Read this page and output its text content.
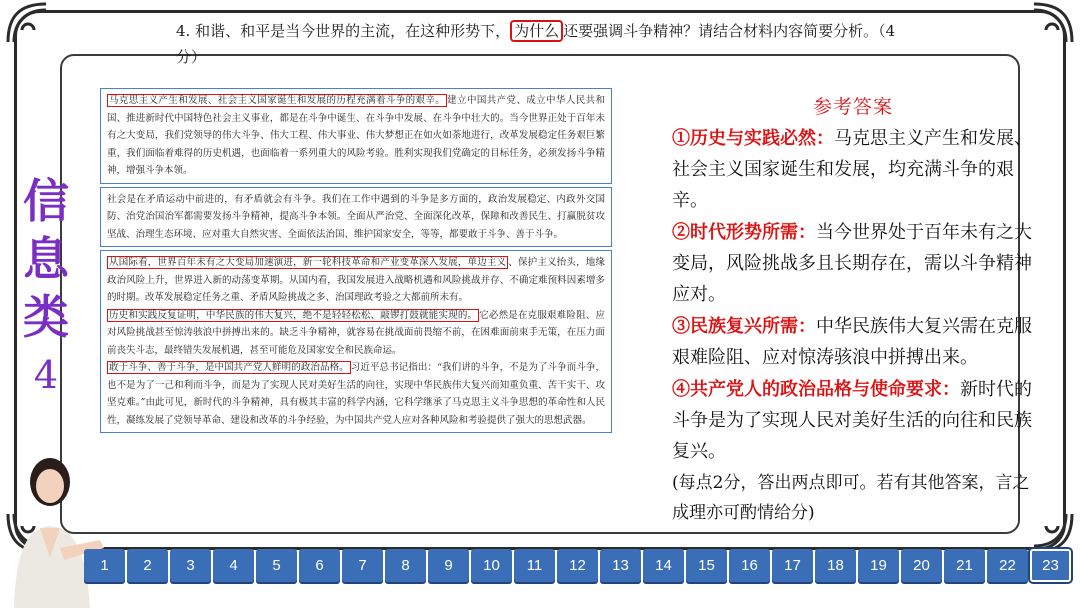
4. 和谐、和平是当今世界的主流，在这种形势下， 为什么 还要强调斗争精神？请结合材料内容简要分析。（4 分）
信
息
类
4
马克思主义产生和发展、社会主义国家诞生和发展的历程充满着斗争的艰辛。 建立中国共产党、成立中华人民共和国、推进新时代中国特色社会主义事业，都是在斗争中诞生、在斗争中发展、在斗争中壮大的。当今世界正处于百年未有之大变局，我们党领导的伟大斗争、伟大工程、伟大事业、伟大梦想正在如火如荼地进行，改革发展稳定任务艰巨繁重，我们面临着难得的历史机遇，也面临着一系列重大的风险考验。胜利实现我们党确定的目标任务，必须发扬斗争精神，增强斗争本领。
社会是在矛盾运动中前进的，有矛盾就会有斗争。我们在工作中遇到的斗争是多方面的，政治发展稳定、内政外交国防、治党治国治军都需要发扬斗争精神，提高斗争本领。全面从严治党、全面深化改革，保障和改善民生、打赢脱贫攻坚战、治理生态环境、应对重大自然灾害、全面依法治国、维护国家安全，等等，都要敢于斗争、善于斗争。
从国际看，世界百年未有之大变局加速演进，新一轮科技革命和产业变革深入发展，单边主义 、保护主义抬头，地缘政治风险上升，世界进入新的动荡变革期。从国内看，我国发展进入战略机遇和风险挑战并存、不确定难预料因素增多的时期。改革发展稳定任务之重、矛盾风险挑战之多、治国理政考验之大都前所未有。
历史和实践反复证明，中华民族的伟大复兴，绝不是轻轻松松、敲锣打鼓就能实现的。 它必然是在克服艰难险阻、应对风险挑战甚至惊涛骇浪中拼搏出来的。缺乏斗争精神，就容易在挑战面前畏缩不前，在困难面前束手无策，在压力面前丧失斗志，最终错失发展机遇，甚至可能危及国家安全和民族命运。
敢于斗争、善于斗争，是中国共产党人鲜明的政治品格。 习近平总书记指出：“我们讲的斗争，不是为了斗争而斗争，也不是为了一己和利而斗争，而是为了实现人民对美好生活的向往，实现中华民族伟大复兴而知重负重、苦干实干、攻坚克难。”由此可见，新时代的斗争精神，具有极其丰富的科学内涵，它科学继承了马克思主义斗争思想的革命性和人民性，凝练发展了党领导革命、建设和改革的斗争经验，为中国共产党人应对各种风险和考验提供了强大的思想武器。
参考答案
①历史与实践必然：马克思主义产生和发展、社会主义国家诞生和发展，均充满斗争的艰辛。
②时代形势所需：当今世界处于百年未有之大变局，风险挑战多且长期存在，需以斗争精神应对。
③民族复兴所需：中华民族伟大复兴需在克服艰难险阻、应对惊涛骇浪中拼搏出来。
④共产党人的政治品格与使命要求：新时代的斗争是为了实现人民对美好生活的向往和民族复兴。
(每点2分，答出两点即可。若有其他答案，言之成理亦可酌情给分)
1	2	3	4	5	6	7	8	9	10	11	12	13	14	15	16	17	18	19	20	21	22	23
